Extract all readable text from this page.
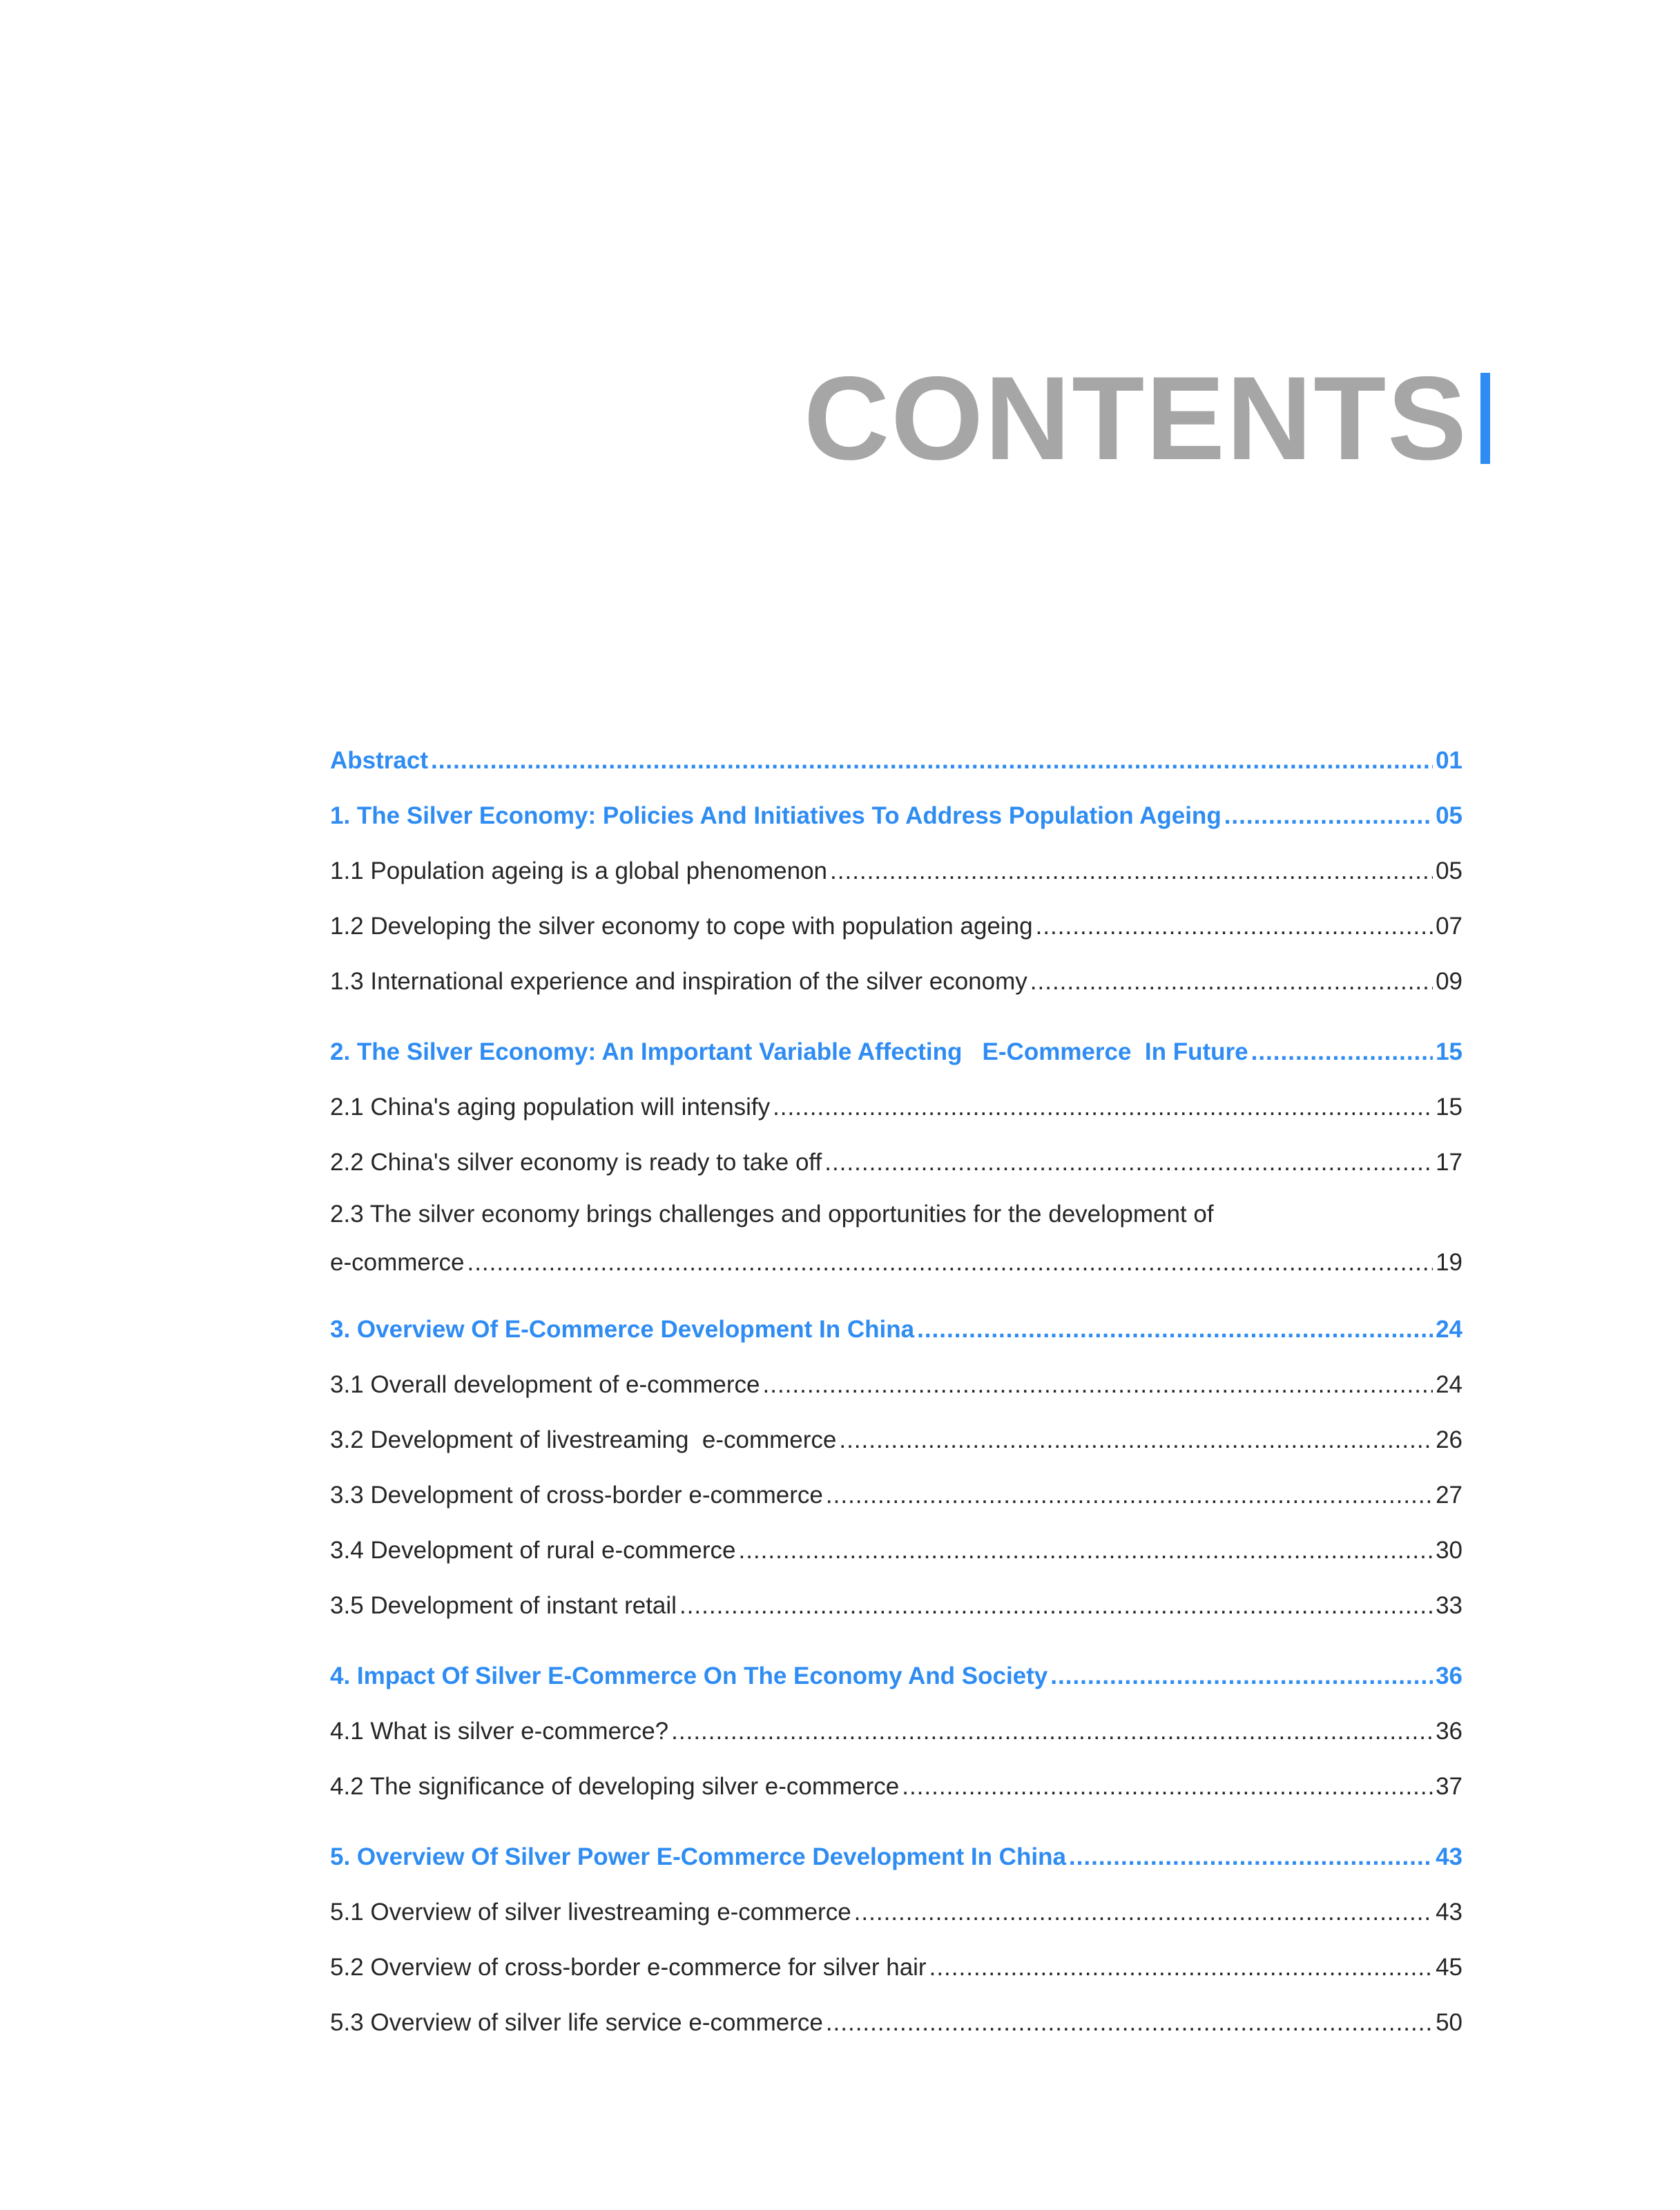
CONTENTS
Abstract .....	01
1. The Silver Economy: Policies And Initiatives To Address Population Ageing .....	05
1.1 Population ageing is a global phenomenon .....	05
1.2 Developing the silver economy to cope with population ageing .....	07
1.3 International experience and inspiration of the silver economy .....	09
2. The Silver Economy: An Important Variable Affecting   E-Commerce  In Future .....	15
2.1 China's aging population will intensify .....	15
2.2 China's silver economy is ready to take off .....	17
2.3 The silver economy brings challenges and opportunities for the development of
e-commerce .....	19
3. Overview Of E-Commerce Development In China .....	24
3.1 Overall development of e-commerce .....	24
3.2 Development of livestreaming  e-commerce .....	26
3.3 Development of cross-border e-commerce .....	27
3.4 Development of rural e-commerce .....	30
3.5 Development of instant retail .....	33
4. Impact Of Silver E-Commerce On The Economy And Society .....	36
4.1 What is silver e-commerce? .....	36
4.2 The significance of developing silver e-commerce .....	37
5. Overview Of Silver Power E-Commerce Development In China .....	43
5.1 Overview of silver livestreaming e-commerce .....	43
5.2 Overview of cross-border e-commerce for silver hair .....	45
5.3 Overview of silver life service e-commerce .....	50
